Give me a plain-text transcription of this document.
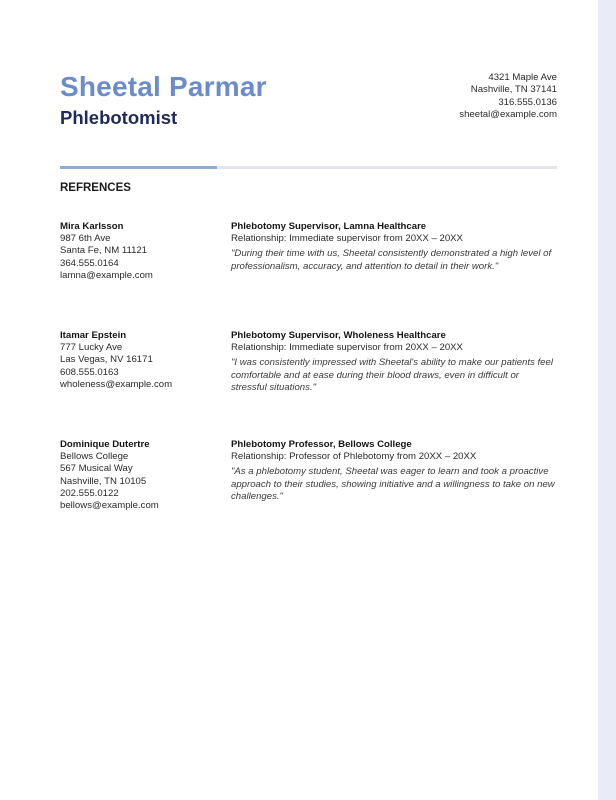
Sheetal Parmar
Phlebotomist
4321 Maple Ave
Nashville, TN 37141
316.555.0136
sheetal@example.com
REFRENCES
Mira Karlsson
987 6th Ave
Santa Fe, NM 11121
364.555.0164
lamna@example.com
Phlebotomy Supervisor, Lamna Healthcare
Relationship: Immediate supervisor from 20XX – 20XX
"During their time with us, Sheetal consistently demonstrated a high level of professionalism, accuracy, and attention to detail in their work."
Itamar Epstein
777 Lucky Ave
Las Vegas, NV 16171
608.555.0163
wholeness@example.com
Phlebotomy Supervisor, Wholeness Healthcare
Relationship: Immediate supervisor from 20XX – 20XX
"I was consistently impressed with Sheetal's ability to make our patients feel comfortable and at ease during their blood draws, even in difficult or stressful situations."
Dominique Dutertre
Bellows College
567 Musical Way
Nashville, TN 10105
202.555.0122
bellows@example.com
Phlebotomy Professor, Bellows College
Relationship: Professor of Phlebotomy from 20XX – 20XX
"As a phlebotomy student, Sheetal was eager to learn and took a proactive approach to their studies, showing initiative and a willingness to take on new challenges."
